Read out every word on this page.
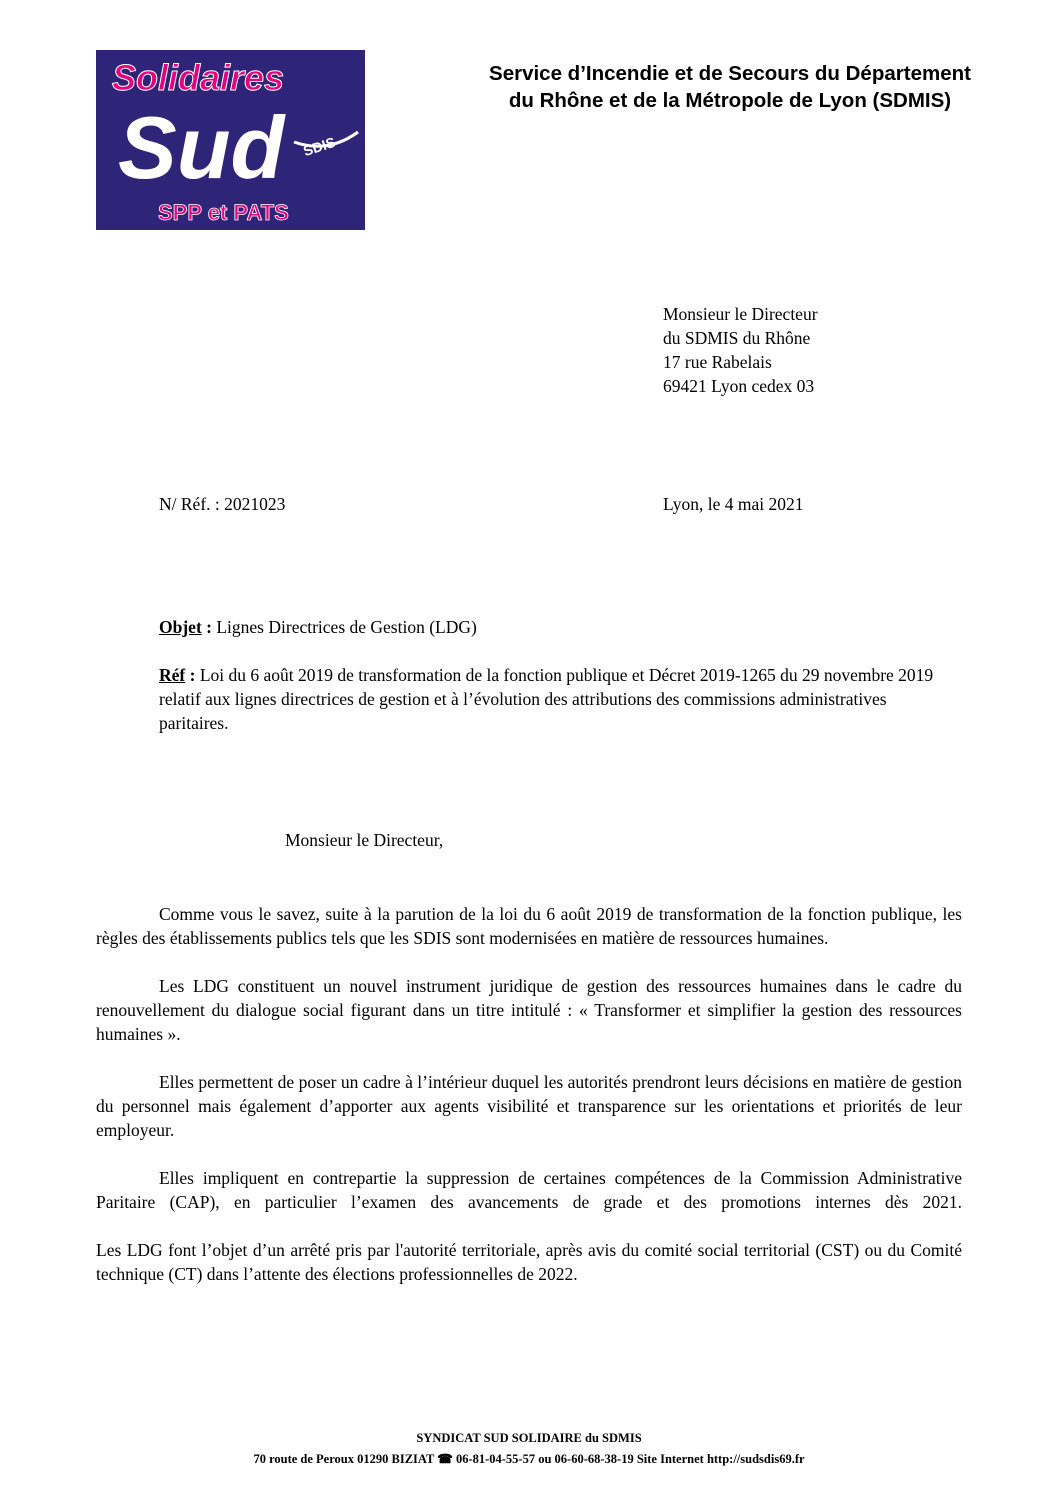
Solidaires
Sud SDIS
SPP et PATS
Service d’Incendie et de Secours du Département
du Rhône et de la Métropole de Lyon (SDMIS)
Monsieur le Directeur
du SDMIS du Rhône
17 rue Rabelais
69421 Lyon cedex 03
N/ Réf. : 2021023	Lyon, le 4 mai 2021
Objet : Lignes Directrices de Gestion (LDG)
Réf : Loi du 6 août 2019 de transformation de la fonction publique et Décret 2019-1265 du 29 novembre 2019 relatif aux lignes directrices de gestion et à l’évolution des attributions des commissions administratives paritaires.
Monsieur le Directeur,

Comme vous le savez, suite à la parution de la loi du 6 août 2019 de transformation de la fonction publique, les règles des établissements publics tels que les SDIS sont modernisées en matière de ressources humaines.

Les LDG constituent un nouvel instrument juridique de gestion des ressources humaines dans le cadre du renouvellement du dialogue social figurant dans un titre intitulé : « Transformer et simplifier la gestion des ressources humaines ».

Elles permettent de poser un cadre à l’intérieur duquel les autorités prendront leurs décisions en matière de gestion du personnel mais également d’apporter aux agents visibilité et transparence sur les orientations et priorités de leur employeur.

Elles impliquent en contrepartie la suppression de certaines compétences de la Commission Administrative Paritaire (CAP), en particulier l’examen des avancements de grade et des promotions internes dès 2021.

Les LDG font l’objet d’un arrêté pris par l'autorité territoriale, après avis du comité social territorial (CST) ou du Comité technique (CT) dans l’attente des élections professionnelles de 2022.

SYNDICAT SUD SOLIDAIRE du SDMIS
70 route de Peroux 01290 BIZIAT ☎ 06-81-04-55-57 ou 06-60-68-38-19 Site Internet http://sudsdis69.fr
